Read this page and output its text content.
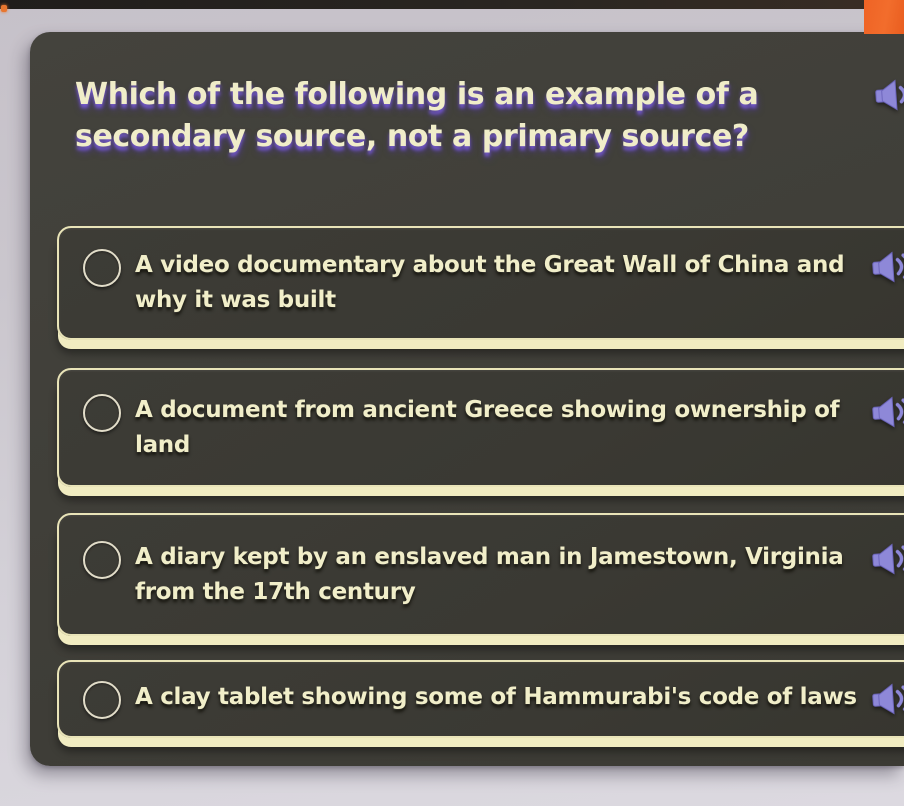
Which of the following is an example of a
secondary source, not a primary source?
A video documentary about the Great Wall of China and
why it was built
A document from ancient Greece showing ownership of
land
A diary kept by an enslaved man in Jamestown, Virginia
from the 17th century
A clay tablet showing some of Hammurabi's code of laws
